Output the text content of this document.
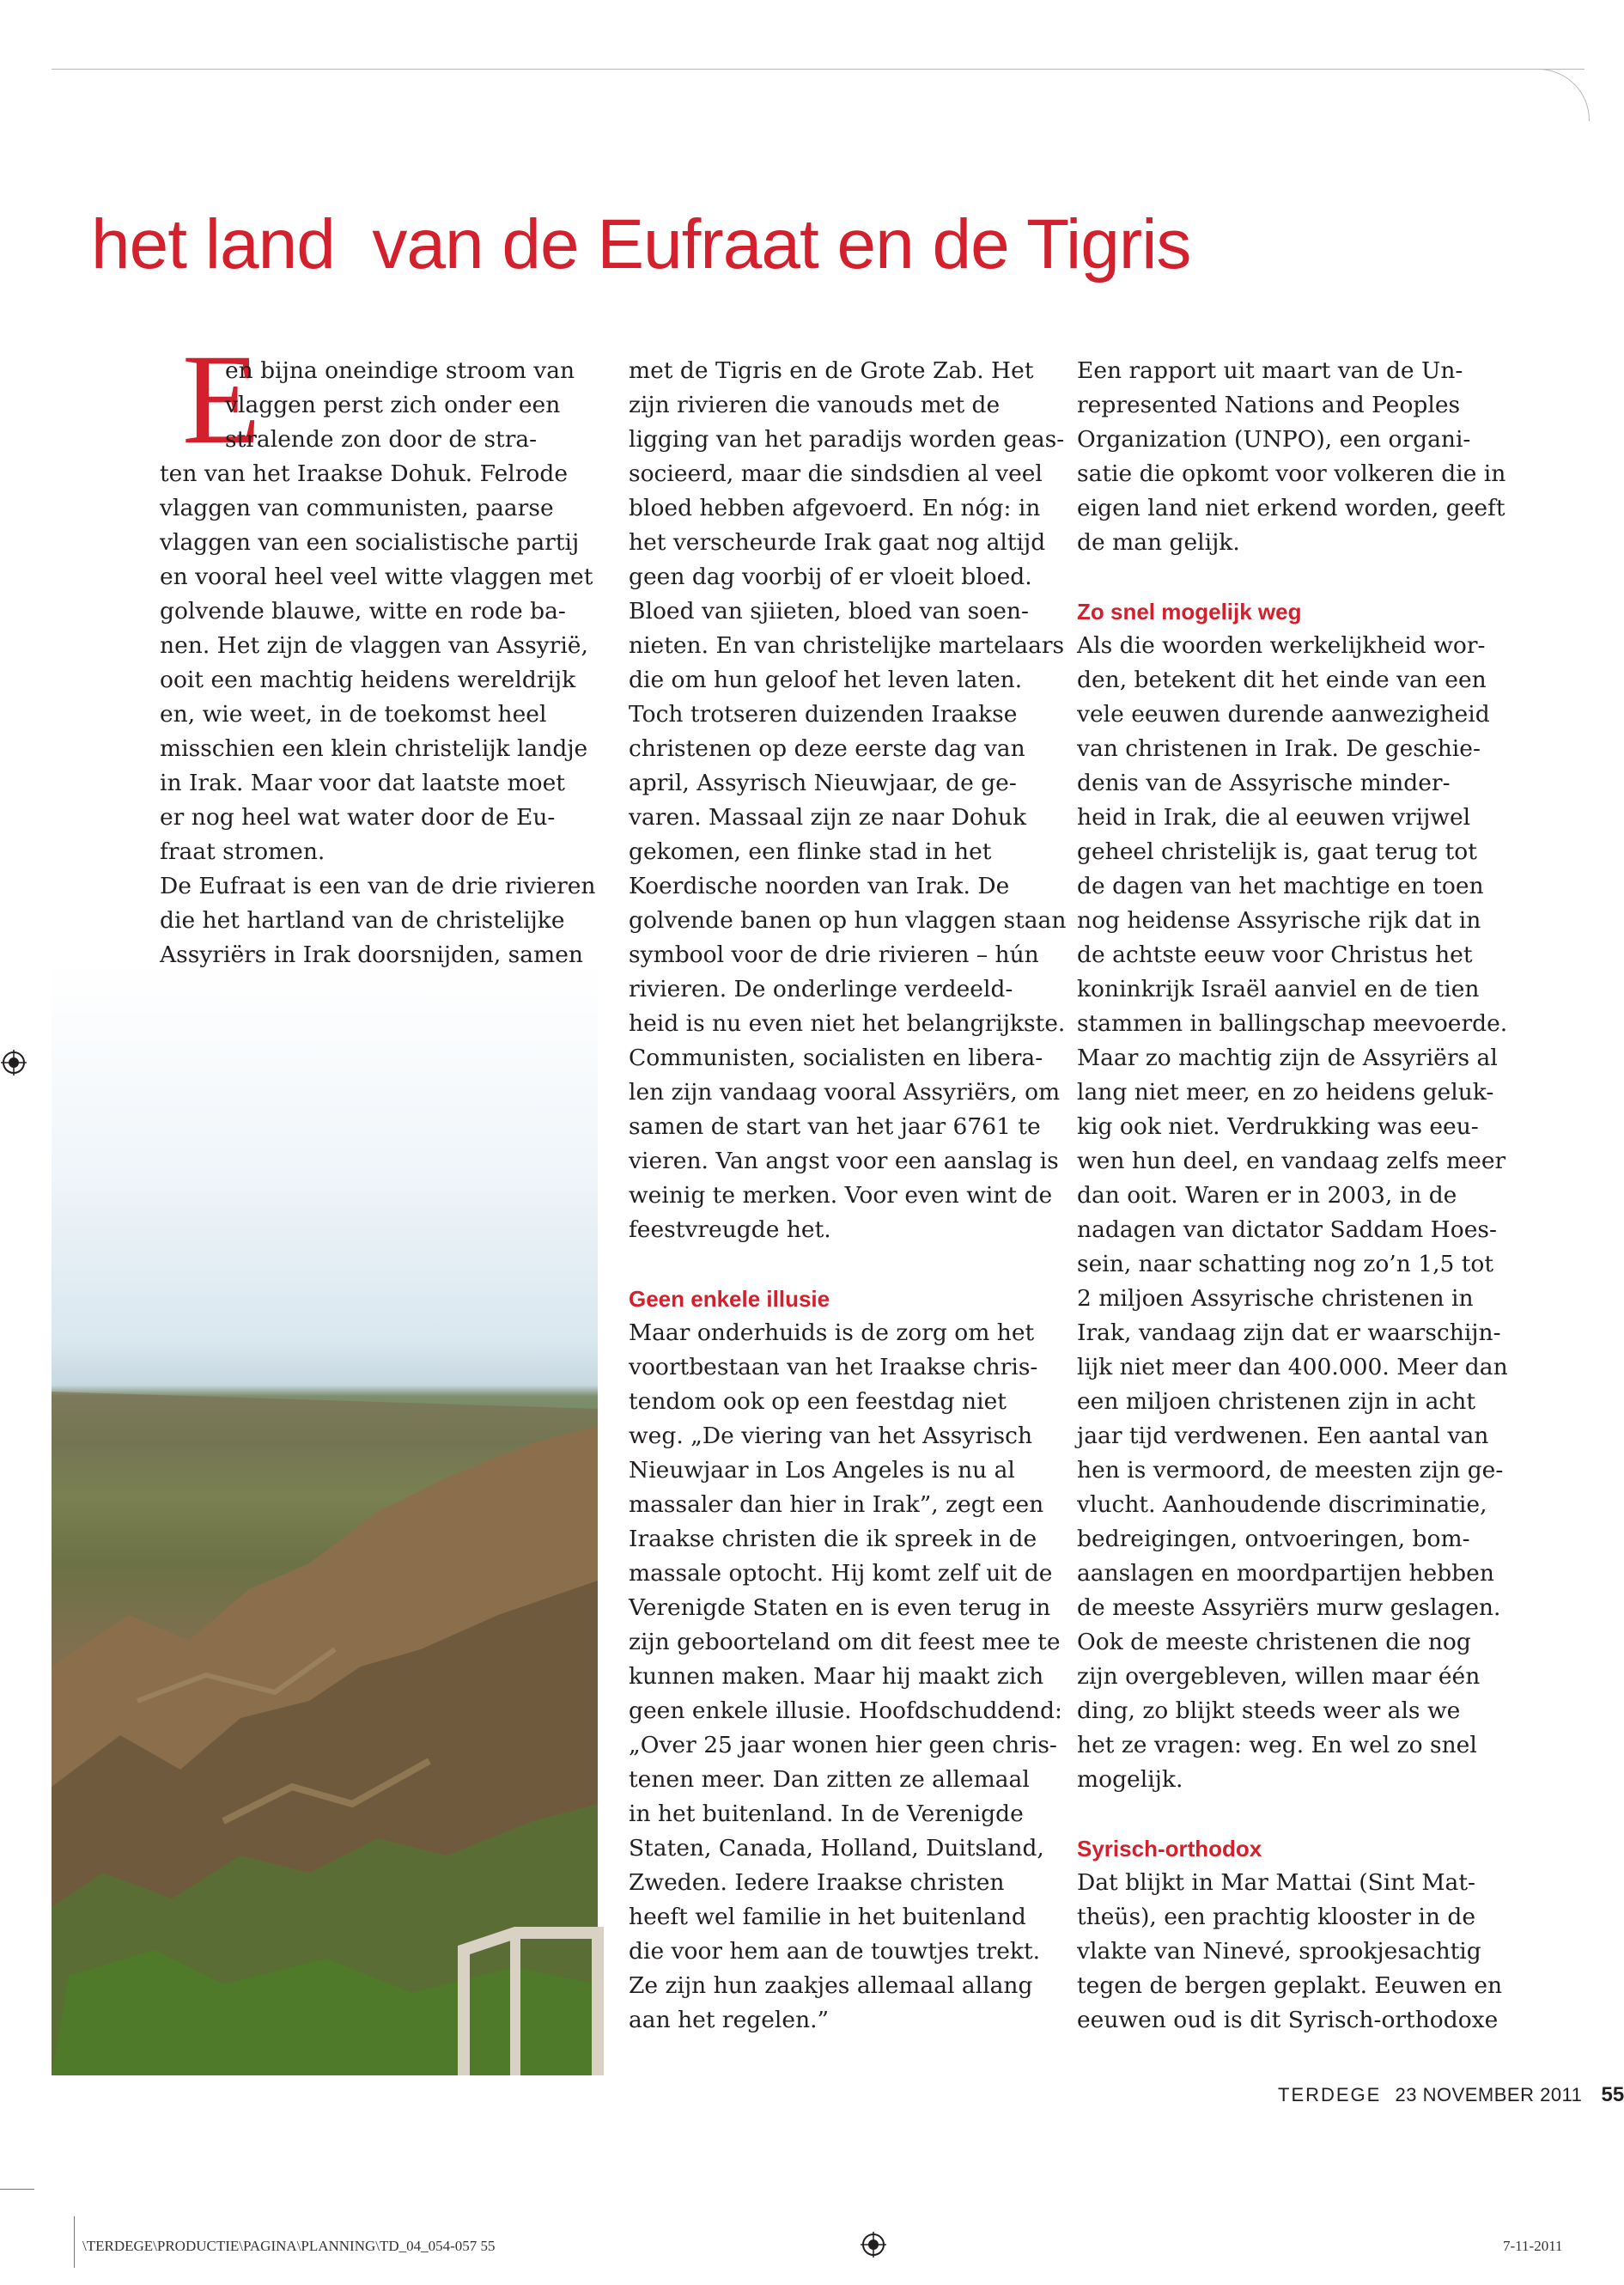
het land  van de Eufraat en de Tigris
E

en bijna oneindige stroom van

vlaggen perst zich onder een

stralende zon door de stra-

ten van het Iraakse Dohuk. Felrode

vlaggen van communisten, paarse

vlaggen van een socialistische partij

en vooral heel veel witte vlaggen met

golvende blauwe, witte en rode ba-

nen. Het zijn de vlaggen van Assyrië,

ooit een machtig heidens wereldrijk

en, wie weet, in de toekomst heel

misschien een klein christelijk landje

in Irak. Maar voor dat laatste moet

er nog heel wat water door de Eu-

fraat stromen.

De Eufraat is een van de drie rivieren

die het hartland van de christelijke

Assyriërs in Irak doorsnijden, samen

met de Tigris en de Grote Zab. Het

zijn rivieren die vanouds met de

ligging van het paradijs worden geas-

socieerd, maar die sindsdien al veel

bloed hebben afgevoerd. En nóg: in

het verscheurde Irak gaat nog altijd

geen dag voorbij of er vloeit bloed.

Bloed van sjiieten, bloed van soen-

nieten. En van christelijke martelaars

die om hun geloof het leven laten.

Toch trotseren duizenden Iraakse

christenen op deze eerste dag van

april, Assyrisch Nieuwjaar, de ge-

varen. Massaal zijn ze naar Dohuk

gekomen, een flinke stad in het

Koerdische noorden van Irak. De

golvende banen op hun vlaggen staan

symbool voor de drie rivieren – hún

rivieren. De onderlinge verdeeld-

heid is nu even niet het belangrijkste.

Communisten, socialisten en libera-

len zijn vandaag vooral Assyriërs, om

samen de start van het jaar 6761 te

vieren. Van angst voor een aanslag is

weinig te merken. Voor even wint de

feestvreugde het.

Geen enkele illusie

Maar onderhuids is de zorg om het

voortbestaan van het Iraakse chris-

tendom ook op een feestdag niet

weg. „De viering van het Assyrisch

Nieuwjaar in Los Angeles is nu al

massaler dan hier in Irak”, zegt een

Iraakse christen die ik spreek in de

massale optocht. Hij komt zelf uit de

Verenigde Staten en is even terug in

zijn geboorteland om dit feest mee te

kunnen maken. Maar hij maakt zich

geen enkele illusie. Hoofdschuddend:

„Over 25 jaar wonen hier geen chris-

tenen meer. Dan zitten ze allemaal

in het buitenland. In de Verenigde

Staten, Canada, Holland, Duitsland,

Zweden. Iedere Iraakse christen

heeft wel familie in het buitenland

die voor hem aan de touwtjes trekt.

Ze zijn hun zaakjes allemaal allang

aan het regelen.”

Een rapport uit maart van de Un-

represented Nations and Peoples

Organization (UNPO), een organi-

satie die opkomt voor volkeren die in

eigen land niet erkend worden, geeft

de man gelijk.

Zo snel mogelijk weg

Als die woorden werkelijkheid wor-

den, betekent dit het einde van een

vele eeuwen durende aanwezigheid

van christenen in Irak. De geschie-

denis van de Assyrische minder-

heid in Irak, die al eeuwen vrijwel

geheel christelijk is, gaat terug tot

de dagen van het machtige en toen

nog heidense Assyrische rijk dat in

de achtste eeuw voor Christus het

koninkrijk Israël aanviel en de tien

stammen in ballingschap meevoerde.

Maar zo machtig zijn de Assyriërs al

lang niet meer, en zo heidens geluk-

kig ook niet. Verdrukking was eeu-

wen hun deel, en vandaag zelfs meer

dan ooit. Waren er in 2003, in de

nadagen van dictator Saddam Hoes-

sein, naar schatting nog zo’n 1,5 tot

2 miljoen Assyrische christenen in

Irak, vandaag zijn dat er waarschijn-

lijk niet meer dan 400.000. Meer dan

een miljoen christenen zijn in acht

jaar tijd verdwenen. Een aantal van

hen is vermoord, de meesten zijn ge-

vlucht. Aanhoudende discriminatie,

bedreigingen, ontvoeringen, bom-

aanslagen en moordpartijen hebben

de meeste Assyriërs murw geslagen.

Ook de meeste christenen die nog

zijn overgebleven, willen maar één

ding, zo blijkt steeds weer als we

het ze vragen: weg. En wel zo snel

mogelijk.

Syrisch-orthodox

Dat blijkt in Mar Mattai (Sint Mat-

theüs), een prachtig klooster in de

vlakte van Ninevé, sprookjesachtig

tegen de bergen geplakt. Eeuwen en

eeuwen oud is dit Syrisch-orthodoxe

TERDEGE 23 NOVEMBER 2011 55
\TERDEGE\PRODUCTIE\PAGINA\PLANNING\TD_04_054-057 55	7-11-2011
